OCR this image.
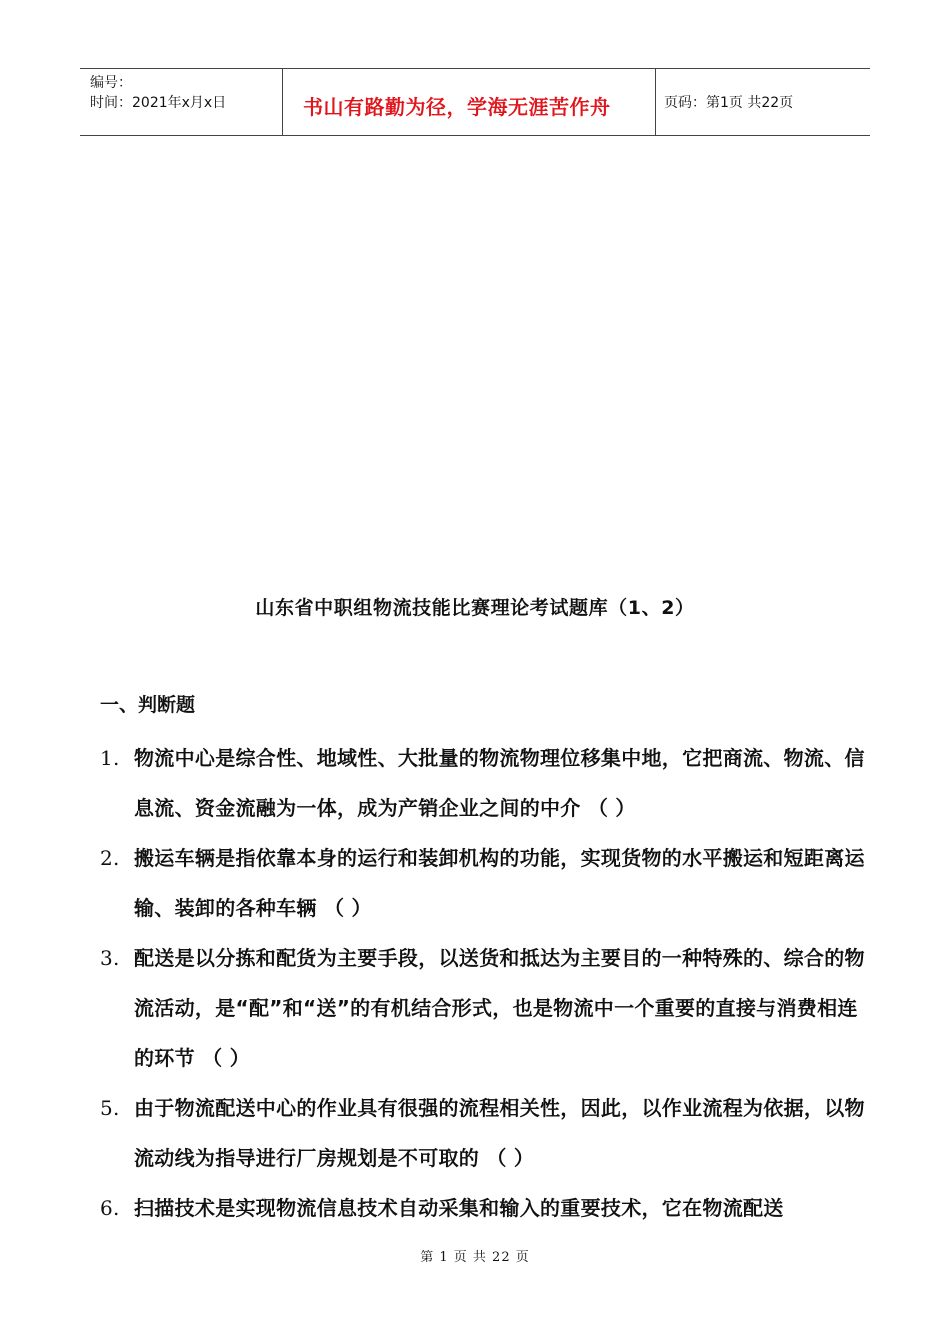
编号：
时间：2021年x月x日	书山有路勤为径，学海无涯苦作舟	页码：第1页 共22页
山东省中职组物流技能比赛理论考试题库（1、2）
一、判断题
1. 物流中心是综合性、地域性、大批量的物流物理位移集中地，它把商流、物流、信息流、资金流融为一体，成为产销企业之间的中介 （ ）
2. 搬运车辆是指依靠本身的运行和装卸机构的功能，实现货物的水平搬运和短距离运输、装卸的各种车辆 （ ）
3. 配送是以分拣和配货为主要手段，以送货和抵达为主要目的一种特殊的、综合的物流活动，是“配”和“送”的有机结合形式，也是物流中一个重要的直接与消费相连的环节 （ ）
5. 由于物流配送中心的作业具有很强的流程相关性，因此，以作业流程为依据，以物流动线为指导进行厂房规划是不可取的 （ ）
6. 扫描技术是实现物流信息技术自动采集和输入的重要技术，它在物流配送
第 1 页 共 22 页
